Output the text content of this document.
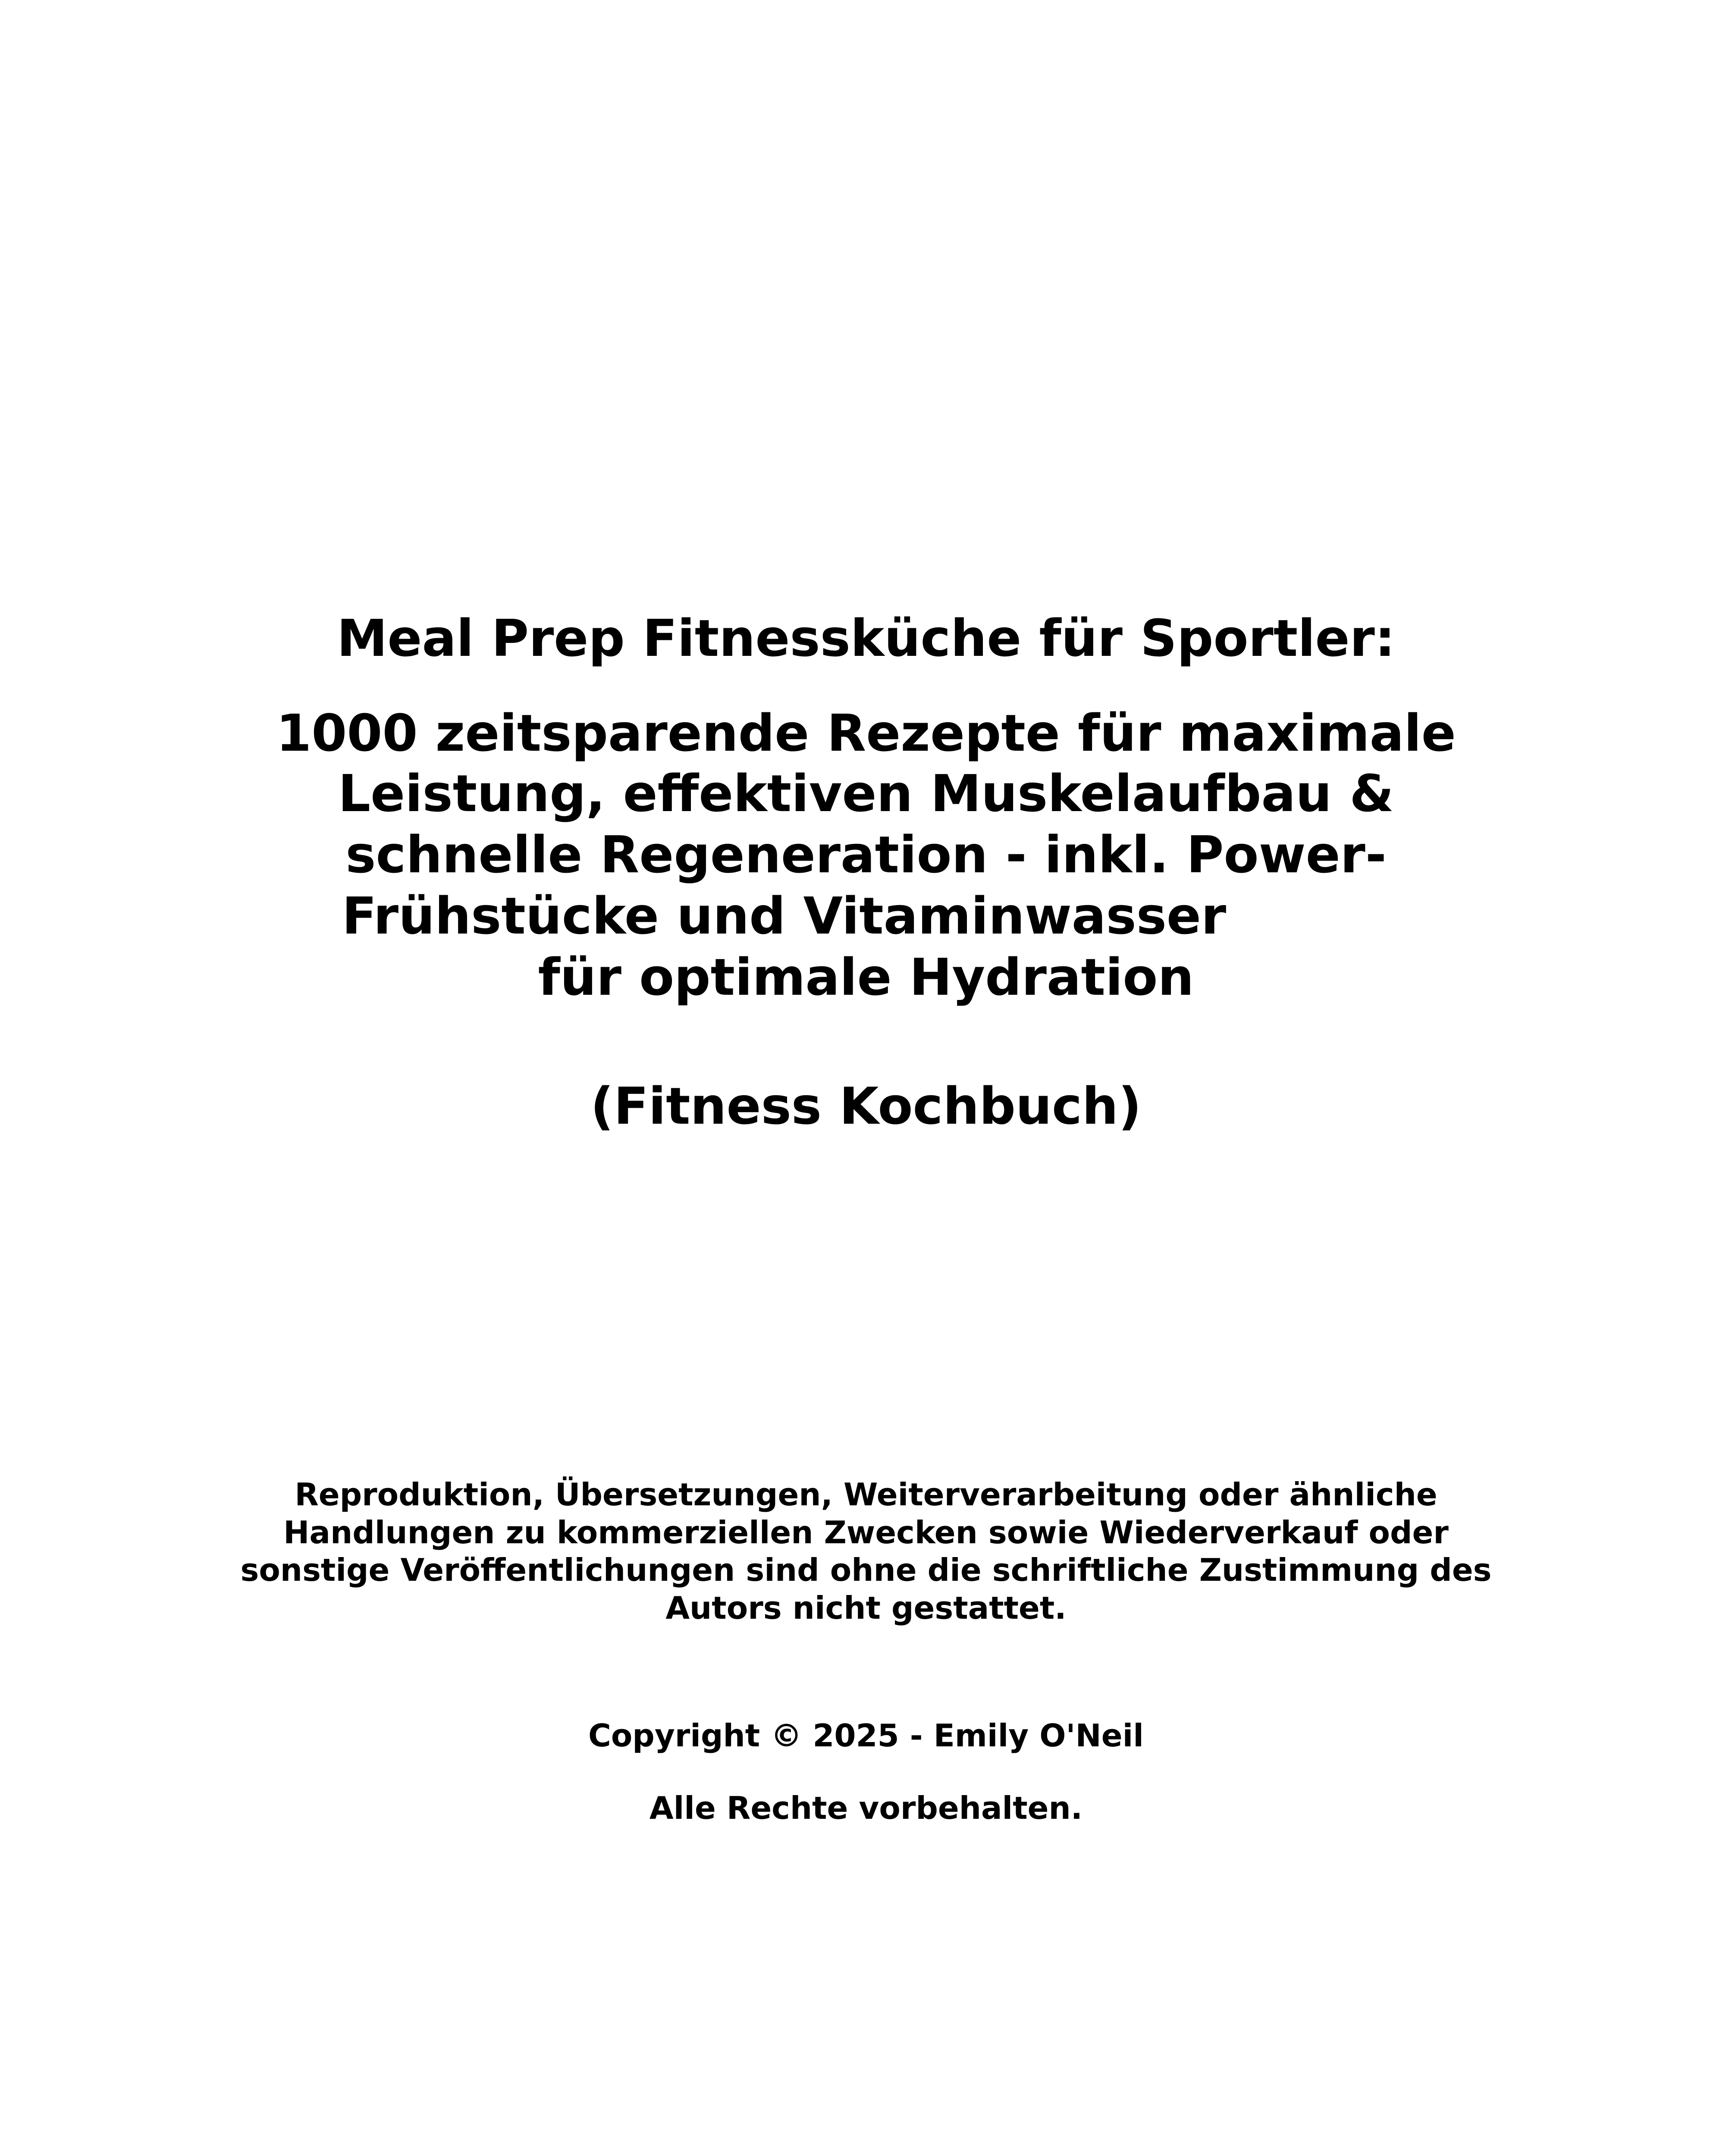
Meal Prep Fitnessküche für Sportler:
1000 zeitsparende Rezepte für maximale
Leistung, effektiven Muskelaufbau &
schnelle Regeneration - inkl. Power-
Frühstücke und Vitaminwasser
für optimale Hydration
(Fitness Kochbuch)
Reproduktion, Übersetzungen, Weiterverarbeitung oder ähnliche
Handlungen zu kommerziellen Zwecken sowie Wiederverkauf oder
sonstige Veröffentlichungen sind ohne die schriftliche Zustimmung des
Autors nicht gestattet.
Copyright © 2025 - Emily O'Neil
Alle Rechte vorbehalten.
